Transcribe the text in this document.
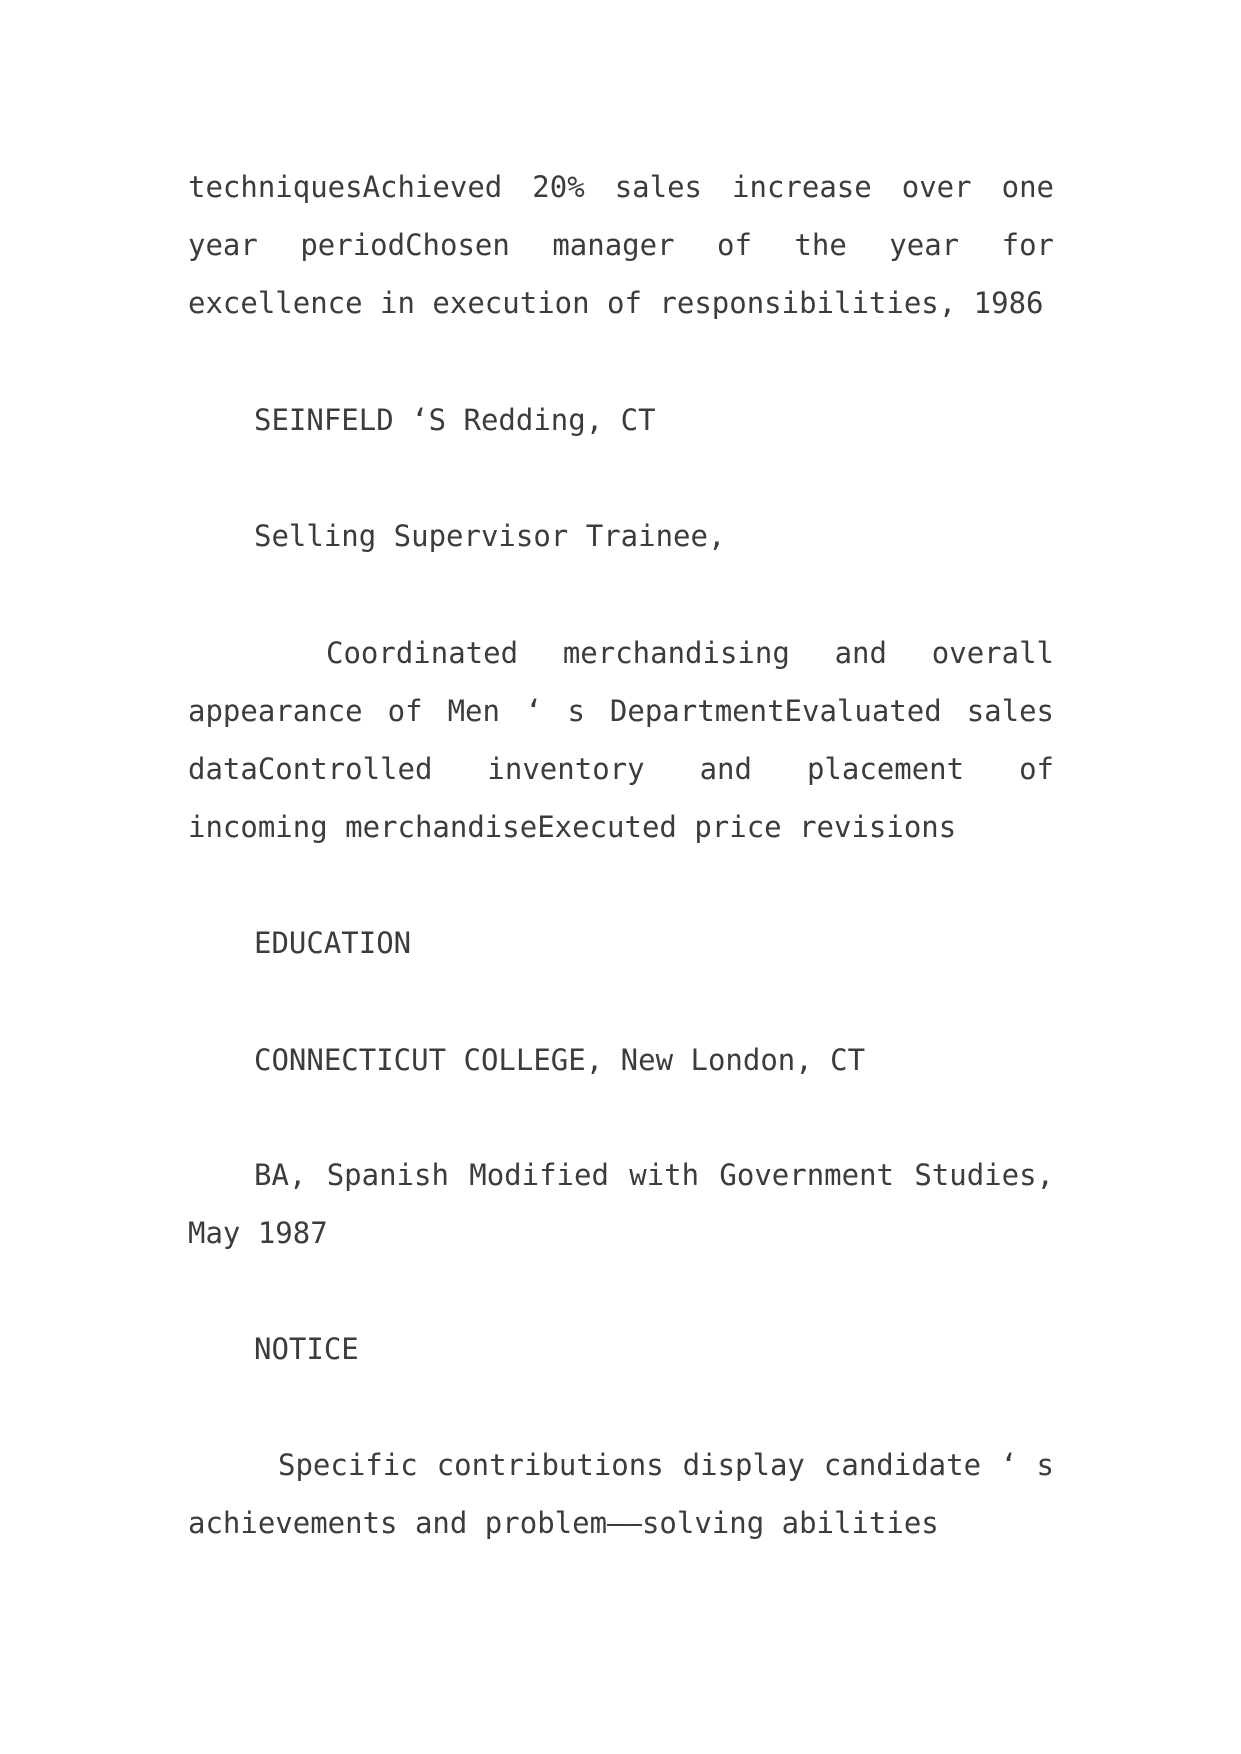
techniquesAchieved 20% sales increase over one year periodChosen manager of the year for excellence in execution of responsibilities, 1986

SEINFELD ‘S Redding, CT

Selling Supervisor Trainee,

Coordinated merchandising and overall appearance of Men ‘ s DepartmentEvaluated sales dataControlled inventory and placement of incoming merchandiseExecuted price revisions

EDUCATION

CONNECTICUT COLLEGE, New London, CT

BA, Spanish Modified with Government Studies, May 1987

NOTICE

Specific contributions display candidate ‘ s achievements and problem——solving abilities
